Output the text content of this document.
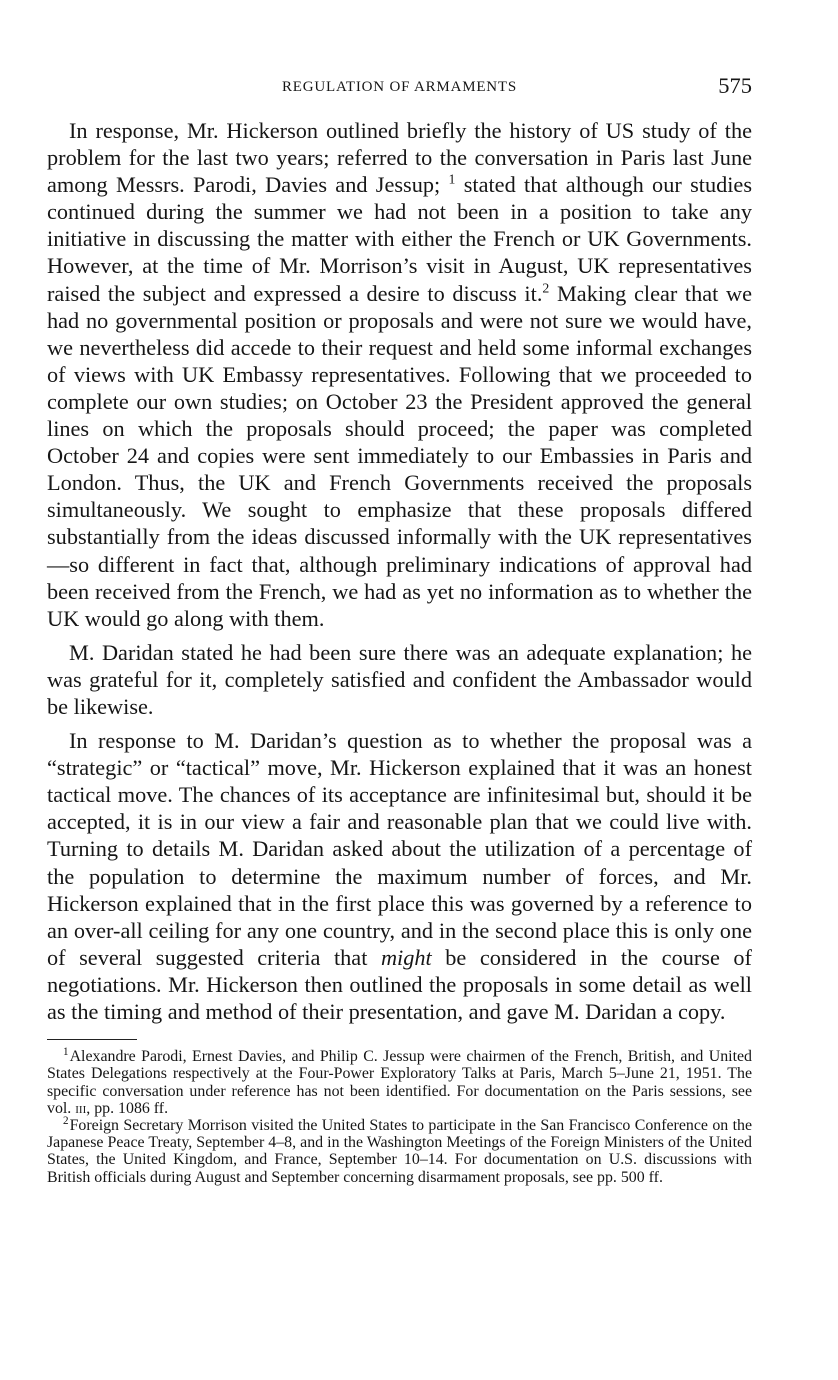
REGULATION OF ARMAMENTS	575

In response, Mr. Hickerson outlined briefly the history of US study of the problem for the last two years; referred to the conversation in Paris last June among Messrs. Parodi, Davies and Jessup; $^1$ stated that although our studies continued during the summer we had not been in a position to take any initiative in discussing the matter with either the French or UK Governments. However, at the time of Mr. Morrison’s visit in August, UK representatives raised the subject and expressed a desire to discuss it.$^2$ Making clear that we had no governmental position or proposals and were not sure we would have, we nevertheless did accede to their request and held some informal exchanges of views with UK Embassy representatives. Following that we proceeded to complete our own studies; on October 23 the President approved the general lines on which the proposals should proceed; the paper was completed October 24 and copies were sent immediately to our Embassies in Paris and London. Thus, the UK and French Governments received the proposals simultaneously. We sought to emphasize that these proposals differed substantially from the ideas discussed informally with the UK representatives—so different in fact that, although preliminary indications of approval had been received from the French, we had as yet no information as to whether the UK would go along with them.

M. Daridan stated he had been sure there was an adequate explanation; he was grateful for it, completely satisfied and confident the Ambassador would be likewise.

In response to M. Daridan’s question as to whether the proposal was a “strategic” or “tactical” move, Mr. Hickerson explained that it was an honest tactical move. The chances of its acceptance are infinitesimal but, should it be accepted, it is in our view a fair and reasonable plan that we could live with. Turning to details M. Daridan asked about the utilization of a percentage of the population to determine the maximum number of forces, and Mr. Hickerson explained that in the first place this was governed by a reference to an over-all ceiling for any one country, and in the second place this is only one of several suggested criteria that might be considered in the course of negotiations. Mr. Hickerson then outlined the proposals in some detail as well as the timing and method of their presentation, and gave M. Daridan a copy.

$^1$Alexandre Parodi, Ernest Davies, and Philip C. Jessup were chairmen of the French, British, and United States Delegations respectively at the Four-Power Exploratory Talks at Paris, March 5–June 21, 1951. The specific conversation under reference has not been identified. For documentation on the Paris sessions, see vol. iii, pp. 1086 ff.

$^2$Foreign Secretary Morrison visited the United States to participate in the San Francisco Conference on the Japanese Peace Treaty, September 4–8, and in the Washington Meetings of the Foreign Ministers of the United States, the United Kingdom, and France, September 10–14. For documentation on U.S. discussions with British officials during August and September concerning disarmament proposals, see pp. 500 ff.
